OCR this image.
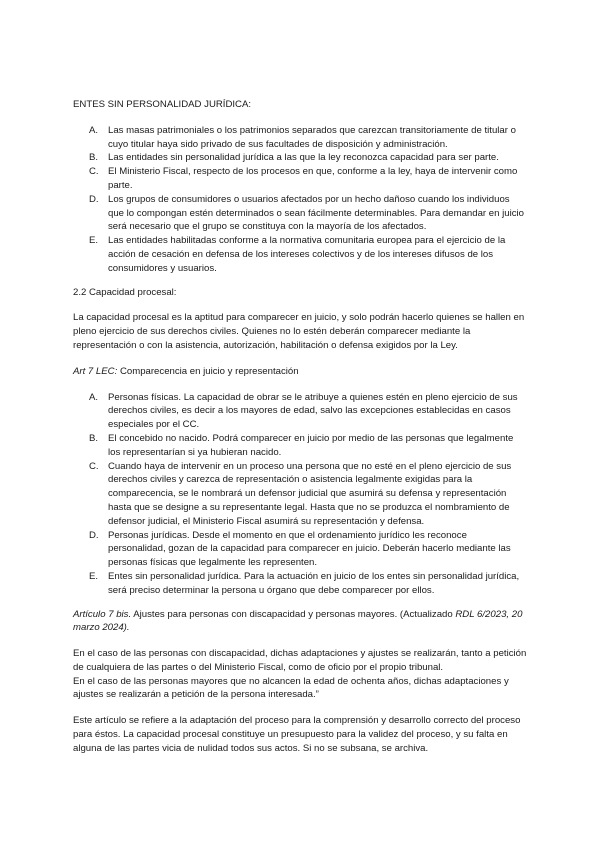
ENTES SIN PERSONALIDAD JURÍDICA:

A. Las masas patrimoniales o los patrimonios separados que carezcan transitoriamente de titular o cuyo titular haya sido privado de sus facultades de disposición y administración.
B. Las entidades sin personalidad jurídica a las que la ley reconozca capacidad para ser parte.
C. El Ministerio Fiscal, respecto de los procesos en que, conforme a la ley, haya de intervenir como parte.
D. Los grupos de consumidores o usuarios afectados por un hecho dañoso cuando los individuos que lo compongan estén determinados o sean fácilmente determinables. Para demandar en juicio será necesario que el grupo se constituya con la mayoría de los afectados.
E. Las entidades habilitadas conforme a la normativa comunitaria europea para el ejercicio de la acción de cesación en defensa de los intereses colectivos y de los intereses difusos de los consumidores y usuarios.

2.2 Capacidad procesal:

La capacidad procesal es la aptitud para comparecer en juicio, y solo podrán hacerlo quienes se hallen en pleno ejercicio de sus derechos civiles. Quienes no lo estén deberán comparecer mediante la representación o con la asistencia, autorización, habilitación o defensa exigidos por la Ley.

Art 7 LEC: Comparecencia en juicio y representación

A. Personas físicas. La capacidad de obrar se le atribuye a quienes estén en pleno ejercicio de sus derechos civiles, es decir a los mayores de edad, salvo las excepciones establecidas en casos especiales por el CC.
B. El concebido no nacido. Podrá comparecer en juicio por medio de las personas que legalmente los representarían si ya hubieran nacido.
C. Cuando haya de intervenir en un proceso una persona que no esté en el pleno ejercicio de sus derechos civiles y carezca de representación o asistencia legalmente exigidas para la comparecencia, se le nombrará un defensor judicial que asumirá su defensa y representación hasta que se designe a su representante legal. Hasta que no se produzca el nombramiento de defensor judicial, el Ministerio Fiscal asumirá su representación y defensa.
D. Personas jurídicas. Desde el momento en que el ordenamiento jurídico les reconoce personalidad, gozan de la capacidad para comparecer en juicio. Deberán hacerlo mediante las personas físicas que legalmente les representen.
E. Entes sin personalidad jurídica. Para la actuación en juicio de los entes sin personalidad jurídica, será preciso determinar la persona u órgano que debe comparecer por ellos.

Artículo 7 bis. Ajustes para personas con discapacidad y personas mayores. (Actualizado RDL 6/2023, 20 marzo 2024).

En el caso de las personas con discapacidad, dichas adaptaciones y ajustes se realizarán, tanto a petición de cualquiera de las partes o del Ministerio Fiscal, como de oficio por el propio tribunal.

En el caso de las personas mayores que no alcancen la edad de ochenta años, dichas adaptaciones y ajustes se realizarán a petición de la persona interesada.”

Este artículo se refiere a la adaptación del proceso para la comprensión y desarrollo correcto del proceso para éstos. La capacidad procesal constituye un presupuesto para la validez del proceso, y su falta en alguna de las partes vicia de nulidad todos sus actos. Si no se subsana, se archiva.
